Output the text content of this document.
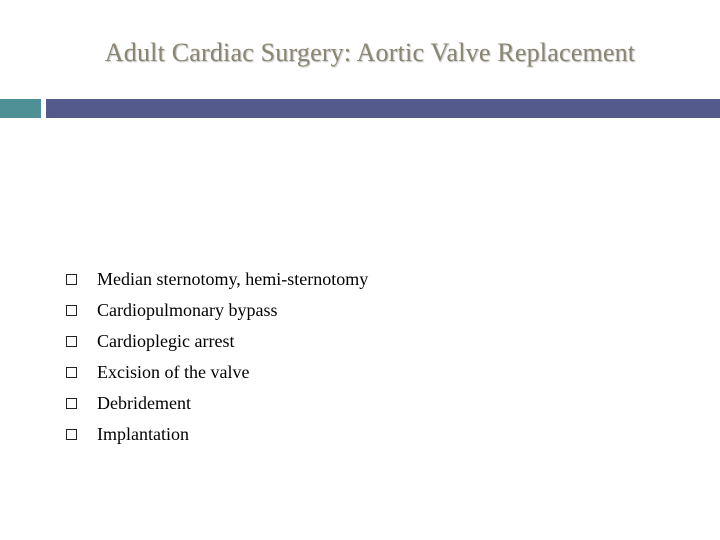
Adult Cardiac Surgery: Aortic Valve Replacement
Median sternotomy, hemi-sternotomy
Cardiopulmonary bypass
Cardioplegic arrest
Excision of the valve
Debridement
Implantation
